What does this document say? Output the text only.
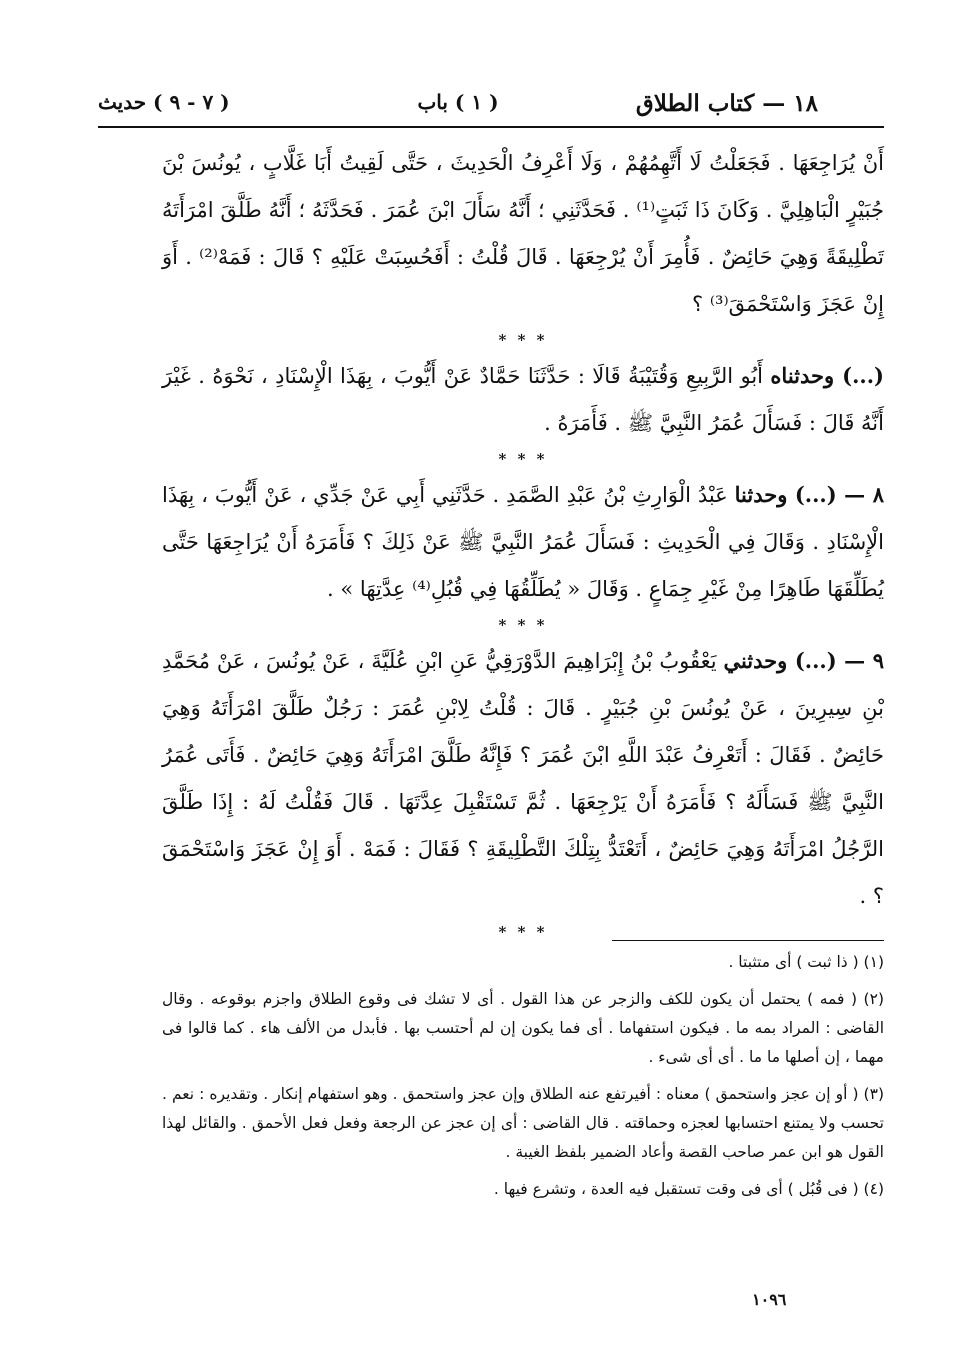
١٨ — كتاب الطلاق
( ١ ) باب
( ٧ - ٩ ) حديث

أَنْ يُرَاجِعَهَا . فَجَعَلْتُ لَا أَتَّهِمُهُمْ ، وَلَا أَعْرِفُ الْحَدِيثَ ، حَتَّى لَقِيتُ أَبَا غَلَّابٍ ، يُونُسَ بْنَ جُبَيْرٍ الْبَاهِلِيَّ . وَكَانَ ذَا ثَبَتٍ⁽¹⁾ . فَحَدَّثَنِي ؛ أَنَّهُ سَأَلَ ابْنَ عُمَرَ . فَحَدَّثَهُ ؛ أَنَّهُ طَلَّقَ امْرَأَتَهُ تَطْلِيقَةً وَهِيَ حَائِضٌ . فَأُمِرَ أَنْ يُرْجِعَهَا . قَالَ قُلْتُ : أَفَحُسِبَتْ عَلَيْهِ ؟ قَالَ : فَمَهْ⁽²⁾ . أَوَ إِنْ عَجَزَ وَاسْتَحْمَقَ⁽³⁾ ؟

* * *

(...) وحدثناه أَبُو الرَّبِيعِ وَقُتَيْبَةُ قَالَا : حَدَّثَنَا حَمَّادٌ عَنْ أَيُّوبَ ، بِهَذَا الْإِسْنَادِ ، نَحْوَهُ . غَيْرَ أَنَّهُ قَالَ : فَسَأَلَ عُمَرُ النَّبِيَّ ﷺ . فَأَمَرَهُ .

* * *

٨ — (...) وحدثنا عَبْدُ الْوَارِثِ بْنُ عَبْدِ الصَّمَدِ . حَدَّثَنِي أَبِي عَنْ جَدِّي ، عَنْ أَيُّوبَ ، بِهَذَا الْإِسْنَادِ . وَقَالَ فِي الْحَدِيثِ : فَسَأَلَ عُمَرُ النَّبِيَّ ﷺ عَنْ ذَلِكَ ؟ فَأَمَرَهُ أَنْ يُرَاجِعَهَا حَتَّى يُطَلِّقَهَا طَاهِرًا مِنْ غَيْرِ جِمَاعٍ . وَقَالَ « يُطَلِّقُهَا فِي قُبُلِ⁽⁴⁾ عِدَّتِهَا » .

* * *

٩ — (...) وحدثني يَعْقُوبُ بْنُ إِبْرَاهِيمَ الدَّوْرَقِيُّ عَنِ ابْنِ عُلَيَّةَ ، عَنْ يُونُسَ ، عَنْ مُحَمَّدِ بْنِ سِيرِينَ ، عَنْ يُونُسَ بْنِ جُبَيْرٍ . قَالَ : قُلْتُ لِابْنِ عُمَرَ : رَجُلٌ طَلَّقَ امْرَأَتَهُ وَهِيَ حَائِضٌ . فَقَالَ : أَتَعْرِفُ عَبْدَ اللَّهِ ابْنَ عُمَرَ ؟ فَإِنَّهُ طَلَّقَ امْرَأَتَهُ وَهِيَ حَائِضٌ . فَأَتَى عُمَرُ النَّبِيَّ ﷺ فَسَأَلَهُ ؟ فَأَمَرَهُ أَنْ يَرْجِعَهَا . ثُمَّ تَسْتَقْبِلَ عِدَّتَهَا . قَالَ فَقُلْتُ لَهُ : إِذَا طَلَّقَ الرَّجُلُ امْرَأَتَهُ وَهِيَ حَائِضٌ ، أَتَعْتَدُّ بِتِلْكَ التَّطْلِيقَةِ ؟ فَقَالَ : فَمَهْ . أَوَ إِنْ عَجَزَ وَاسْتَحْمَقَ ؟ .

* * *

(١) ( ذا ثبت ) أى متثبتا .

(٢) ( فمه ) يحتمل أن يكون للكف والزجر عن هذا القول . أى لا تشك فى وقوع الطلاق واجزم بوقوعه . وقال القاضى : المراد بمه ما . فيكون استفهاما . أى فما يكون إن لم أحتسب بها . فأبدل من الألف هاء . كما قالوا فى مهما ، إن أصلها ما ما . أى أى شىء .

(٣) ( أو إن عجز واستحمق ) معناه : أفيرتفع عنه الطلاق وإن عجز واستحمق . وهو استفهام إنكار . وتقديره : نعم . تحسب ولا يمتنع احتسابها لعجزه وحماقته . قال القاضى : أى إن عجز عن الرجعة وفعل فعل الأحمق . والقائل لهذا القول هو ابن عمر صاحب القصة وأعاد الضمير بلفظ الغيبة .

(٤) ( فى قُبُل ) أى فى وقت تستقبل فيه العدة ، وتشرع فيها .

١٠٩٦
